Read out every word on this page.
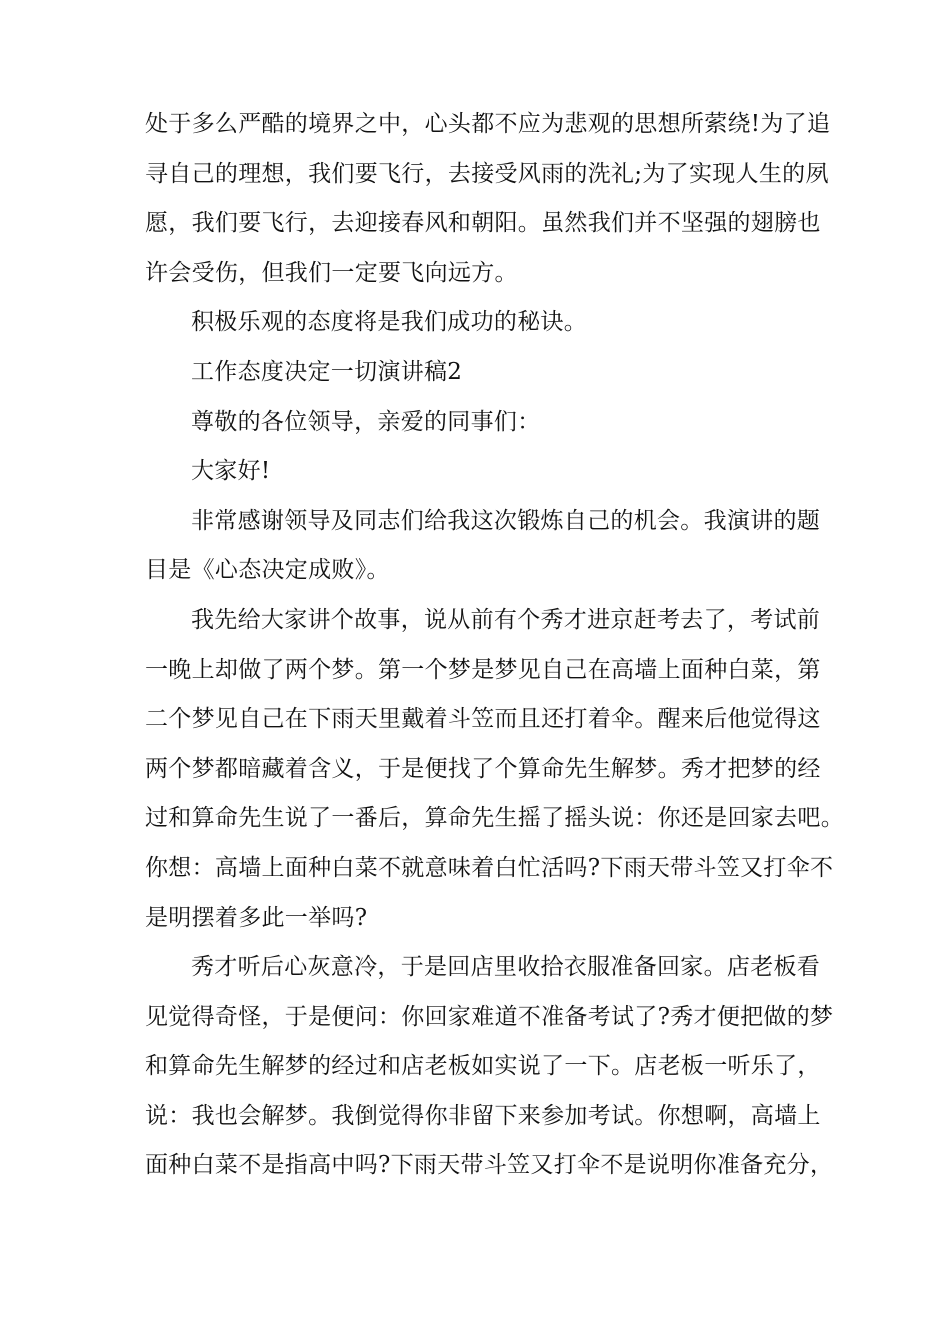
处于多么严酷的境界之中，心头都不应为悲观的思想所萦绕!为了追
寻自己的理想，我们要飞行，去接受风雨的洗礼;为了实现人生的夙
愿，我们要飞行，去迎接春风和朝阳。虽然我们并不坚强的翅膀也
许会受伤，但我们一定要飞向远方。
积极乐观的态度将是我们成功的秘诀。
工作态度决定一切演讲稿2
尊敬的各位领导，亲爱的同事们：
大家好!
非常感谢领导及同志们给我这次锻炼自己的机会。我演讲的题
目是《心态决定成败》。
我先给大家讲个故事，说从前有个秀才进京赶考去了，考试前
一晚上却做了两个梦。第一个梦是梦见自己在高墙上面种白菜，第
二个梦见自己在下雨天里戴着斗笠而且还打着伞。醒来后他觉得这
两个梦都暗藏着含义，于是便找了个算命先生解梦。秀才把梦的经
过和算命先生说了一番后，算命先生摇了摇头说：你还是回家去吧。
你想：高墙上面种白菜不就意味着白忙活吗?下雨天带斗笠又打伞不
是明摆着多此一举吗?
秀才听后心灰意冷，于是回店里收拾衣服准备回家。店老板看
见觉得奇怪，于是便问：你回家难道不准备考试了?秀才便把做的梦
和算命先生解梦的经过和店老板如实说了一下。店老板一听乐了，
说：我也会解梦。我倒觉得你非留下来参加考试。你想啊，高墙上
面种白菜不是指高中吗?下雨天带斗笠又打伞不是说明你准备充分，
